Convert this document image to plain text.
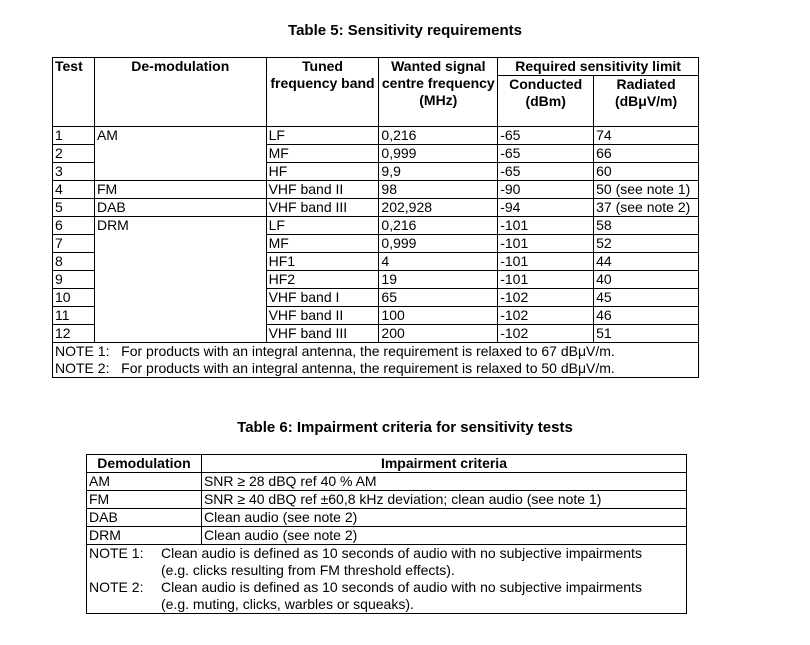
Table 5: Sensitivity requirements
Test	De-modulation	Tuned frequency band	Wanted signal centre frequency (MHz)	Required sensitivity limit	
				Conducted (dBm)	Radiated (dBμV/m)
1	AM	LF	0,216	-65	74
2		MF	0,999	-65	66
3		HF	9,9	-65	60
4	FM	VHF band II	98	-90	50 (see note 1)
5	DAB	VHF band III	202,928	-94	37 (see note 2)
6	DRM	LF	0,216	-101	58
7		MF	0,999	-101	52
8		HF1	4	-101	44
9		HF2	19	-101	40
10		VHF band I	65	-102	45
11		VHF band II	100	-102	46
12		VHF band III	200	-102	51

NOTE 1: For products with an integral antenna, the requirement is relaxed to 67 dBμV/m.
NOTE 2: For products with an integral antenna, the requirement is relaxed to 50 dBμV/m.					
Table 6: Impairment criteria for sensitivity tests
Demodulation	Impairment criteria
AM	SNR ≥ 28 dBQ ref 40 % AM
FM	SNR ≥ 40 dBQ ref ±60,8 kHz deviation; clean audio (see note 1)
DAB	Clean audio (see note 2)
DRM	Clean audio (see note 2)

NOTE 1:	Clean audio is defined as 10 seconds of audio with no subjective impairments
(e.g. clicks resulting from FM threshold effects).

NOTE 2:	Clean audio is defined as 10 seconds of audio with no subjective impairments
(e.g. muting, clicks, warbles or squeaks).
